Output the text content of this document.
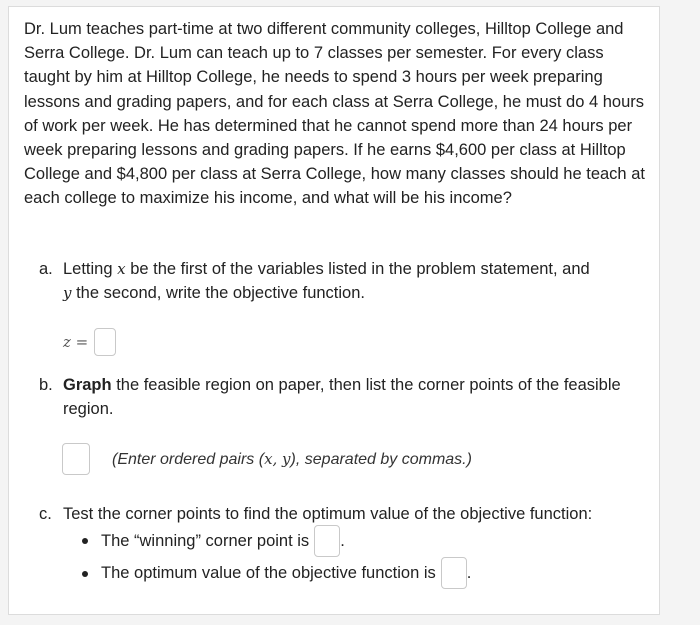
Dr. Lum teaches part-time at two different community colleges, Hilltop College and Serra College. Dr. Lum can teach up to 7 classes per semester. For every class taught by him at Hilltop College, he needs to spend 3 hours per week preparing lessons and grading papers, and for each class at Serra College, he must do 4 hours of work per week. He has determined that he cannot spend more than 24 hours per week preparing lessons and grading papers. If he earns $4,600 per class at Hilltop College and $4,800 per class at Serra College, how many classes should he teach at each college to maximize his income, and what will be his income?
a. Letting x be the first of the variables listed in the problem statement, and
y the second, write the objective function.
z =
b. Graph the feasible region on paper, then list the corner points of the feasible region.
(Enter ordered pairs (x, y), separated by commas.)
c. Test the corner points to find the optimum value of the objective function:
The “winning” corner point is .
The optimum value of the objective function is .
